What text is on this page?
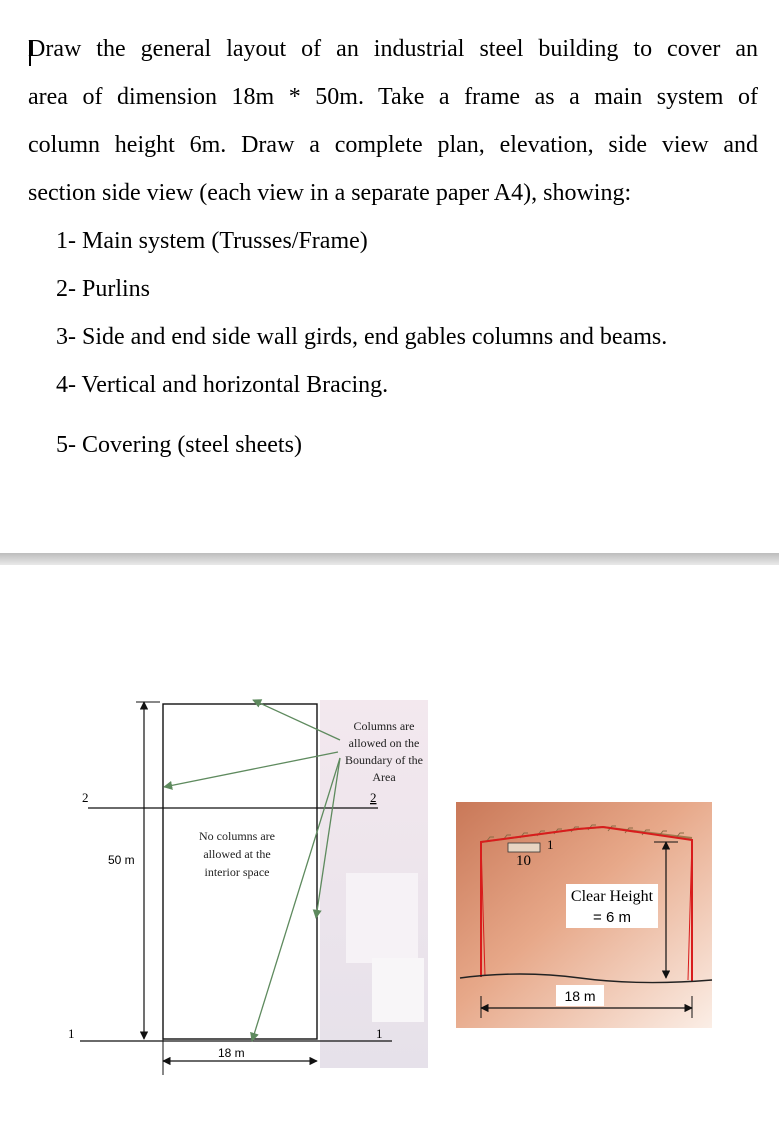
Draw the general layout of an industrial steel building to cover an
area of dimension 18m * 50m. Take a frame as a main system of
column height 6m. Draw a complete plan, elevation, side view and
section side view (each view in a separate paper A4), showing:
1- Main system (Trusses/Frame)
2- Purlins
3- Side and end side wall girds, end gables columns and beams.
4- Vertical and horizontal Bracing.
5- Covering (steel sheets)
50 m
18 m
2	2
1	1
Columns are
allowed on the
Boundary of the
Area
No columns are
allowed at the
interior space
10
1
Clear Height
= 6 m
18 m
